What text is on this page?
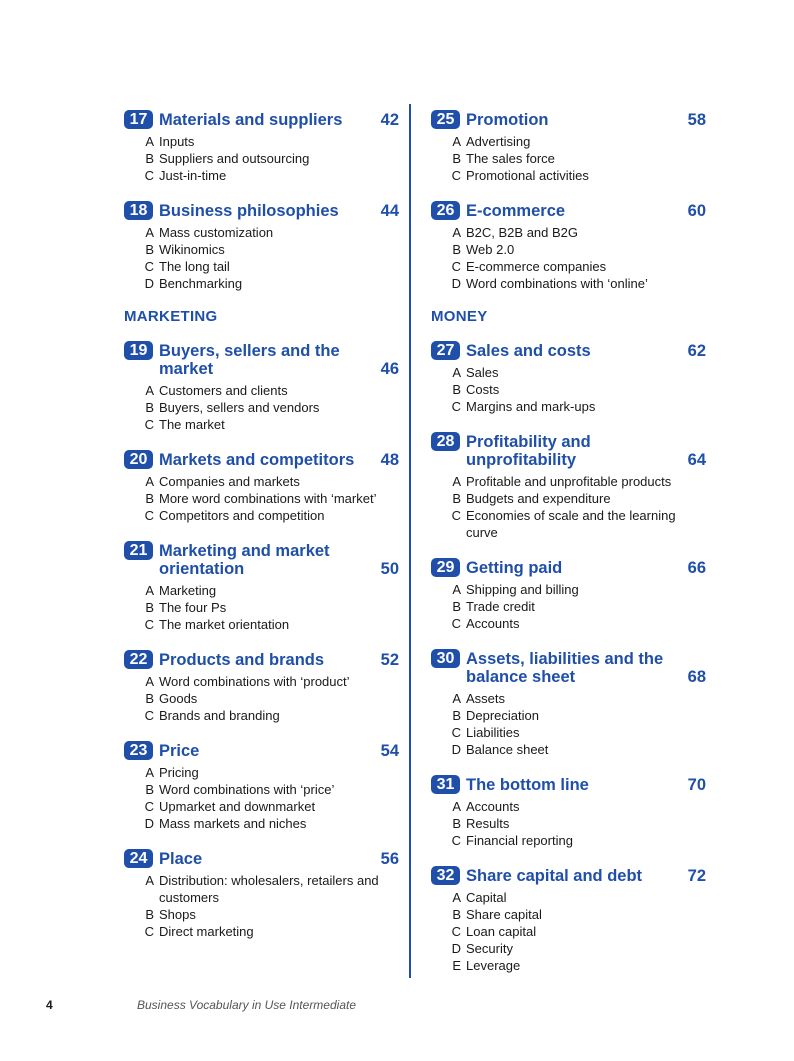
17 Materials and suppliers	42
A Inputs
B Suppliers and outsourcing
C Just-in-time
18 Business philosophies	44
A Mass customization
B Wikinomics
C The long tail
D Benchmarking
MARKETING
19 Buyers, sellers and the market	46
A Customers and clients
B Buyers, sellers and vendors
C The market
20 Markets and competitors	48
A Companies and markets
B More word combinations with ‘market’
C Competitors and competition
21 Marketing and market orientation	50
A Marketing
B The four Ps
C The market orientation
22 Products and brands	52
A Word combinations with ‘product’
B Goods
C Brands and branding
23 Price	54
A Pricing
B Word combinations with ‘price’
C Upmarket and downmarket
D Mass markets and niches
24 Place	56
A Distribution: wholesalers, retailers and customers
B Shops
C Direct marketing
25 Promotion	58
A Advertising
B The sales force
C Promotional activities
26 E-commerce	60
A B2C, B2B and B2G
B Web 2.0
C E-commerce companies
D Word combinations with ‘online’
MONEY
27 Sales and costs	62
A Sales
B Costs
C Margins and mark-ups
28 Profitability and unprofitability	64
A Profitable and unprofitable products
B Budgets and expenditure
C Economies of scale and the learning curve
29 Getting paid	66
A Shipping and billing
B Trade credit
C Accounts
30 Assets, liabilities and the balance sheet	68
A Assets
B Depreciation
C Liabilities
D Balance sheet
31 The bottom line	70
A Accounts
B Results
C Financial reporting
32 Share capital and debt	72
A Capital
B Share capital
C Loan capital
D Security
E Leverage
4	Business Vocabulary in Use Intermediate
